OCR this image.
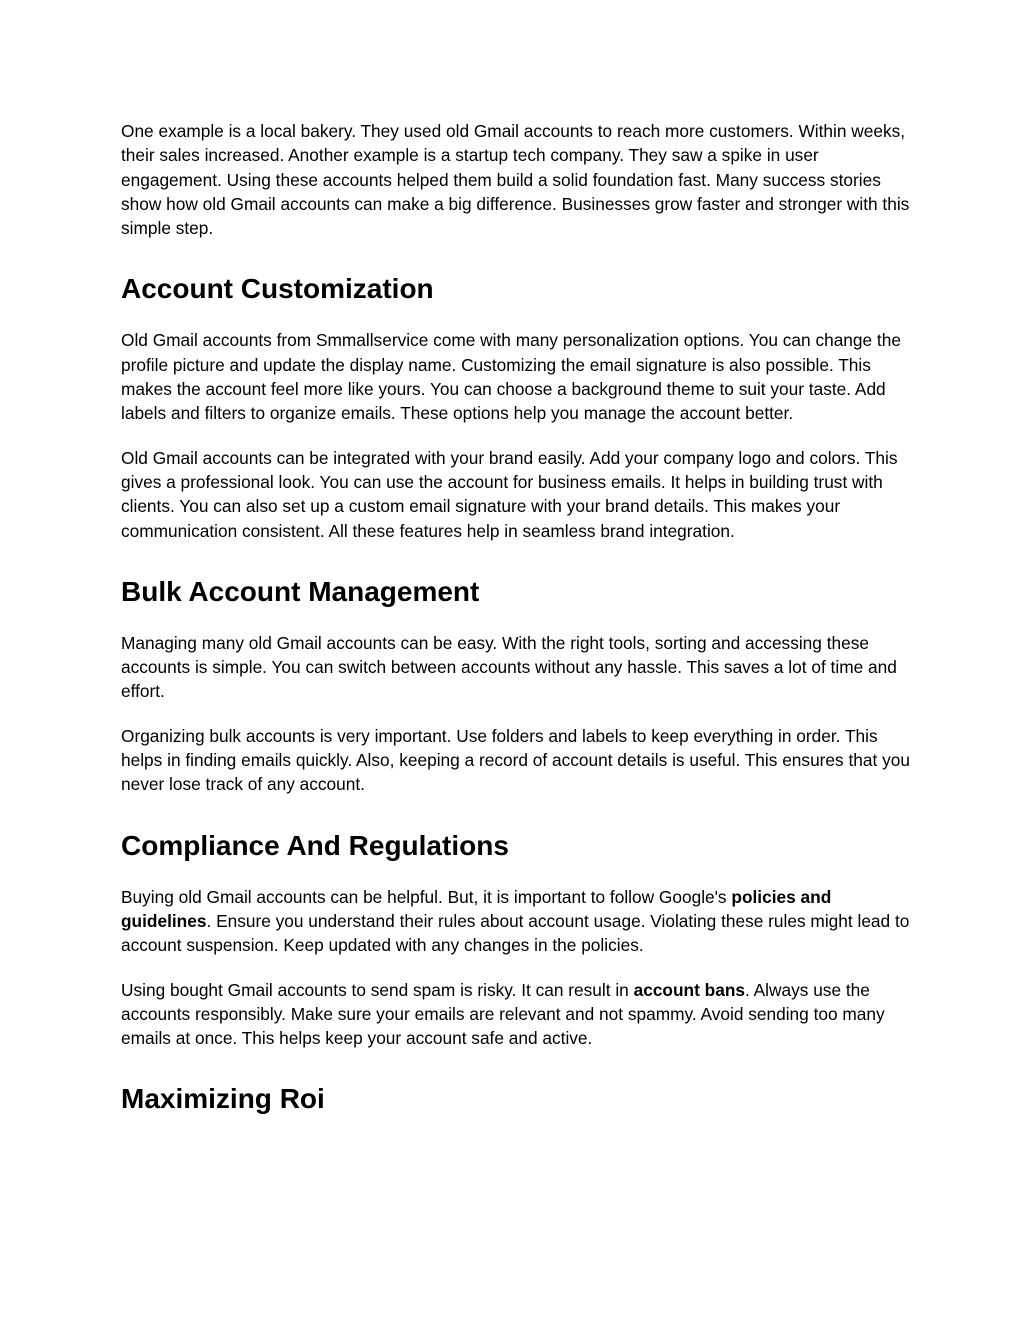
One example is a local bakery. They used old Gmail accounts to reach more customers. Within weeks, their sales increased. Another example is a startup tech company. They saw a spike in user engagement. Using these accounts helped them build a solid foundation fast. Many success stories show how old Gmail accounts can make a big difference. Businesses grow faster and stronger with this simple step.

Account Customization

Old Gmail accounts from Smmallservice come with many personalization options. You can change the profile picture and update the display name. Customizing the email signature is also possible. This makes the account feel more like yours. You can choose a background theme to suit your taste. Add labels and filters to organize emails. These options help you manage the account better.

Old Gmail accounts can be integrated with your brand easily. Add your company logo and colors. This gives a professional look. You can use the account for business emails. It helps in building trust with clients. You can also set up a custom email signature with your brand details. This makes your communication consistent. All these features help in seamless brand integration.

Bulk Account Management

Managing many old Gmail accounts can be easy. With the right tools, sorting and accessing these accounts is simple. You can switch between accounts without any hassle. This saves a lot of time and effort.

Organizing bulk accounts is very important. Use folders and labels to keep everything in order. This helps in finding emails quickly. Also, keeping a record of account details is useful. This ensures that you never lose track of any account.

Compliance And Regulations

Buying old Gmail accounts can be helpful. But, it is important to follow Google's policies and guidelines. Ensure you understand their rules about account usage. Violating these rules might lead to account suspension. Keep updated with any changes in the policies.

Using bought Gmail accounts to send spam is risky. It can result in account bans. Always use the accounts responsibly. Make sure your emails are relevant and not spammy. Avoid sending too many emails at once. This helps keep your account safe and active.

Maximizing Roi
